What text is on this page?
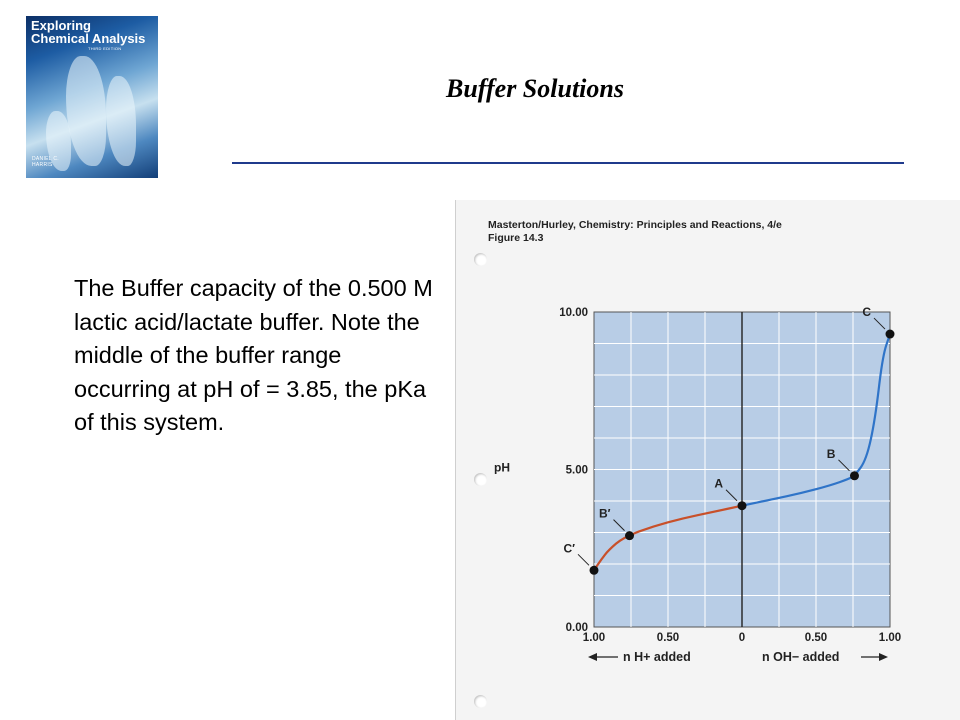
Exploring
Chemical Analysis
THIRD EDITION
DANIEL C.
HARRIS
Buffer Solutions
The Buffer capacity of the 0.500 M lactic acid/lactate buffer. Note the middle of the buffer range occurring at pH of = 3.85, the pKa of this system.
Masterton/Hurley, Chemistry: Principles and Reactions, 4/e
Figure 14.3
0.00
5.00
10.00
pH
1.00	0.50	0	0.50	1.00
n H+ added	n OH− added
C′
B′
A
B
C
